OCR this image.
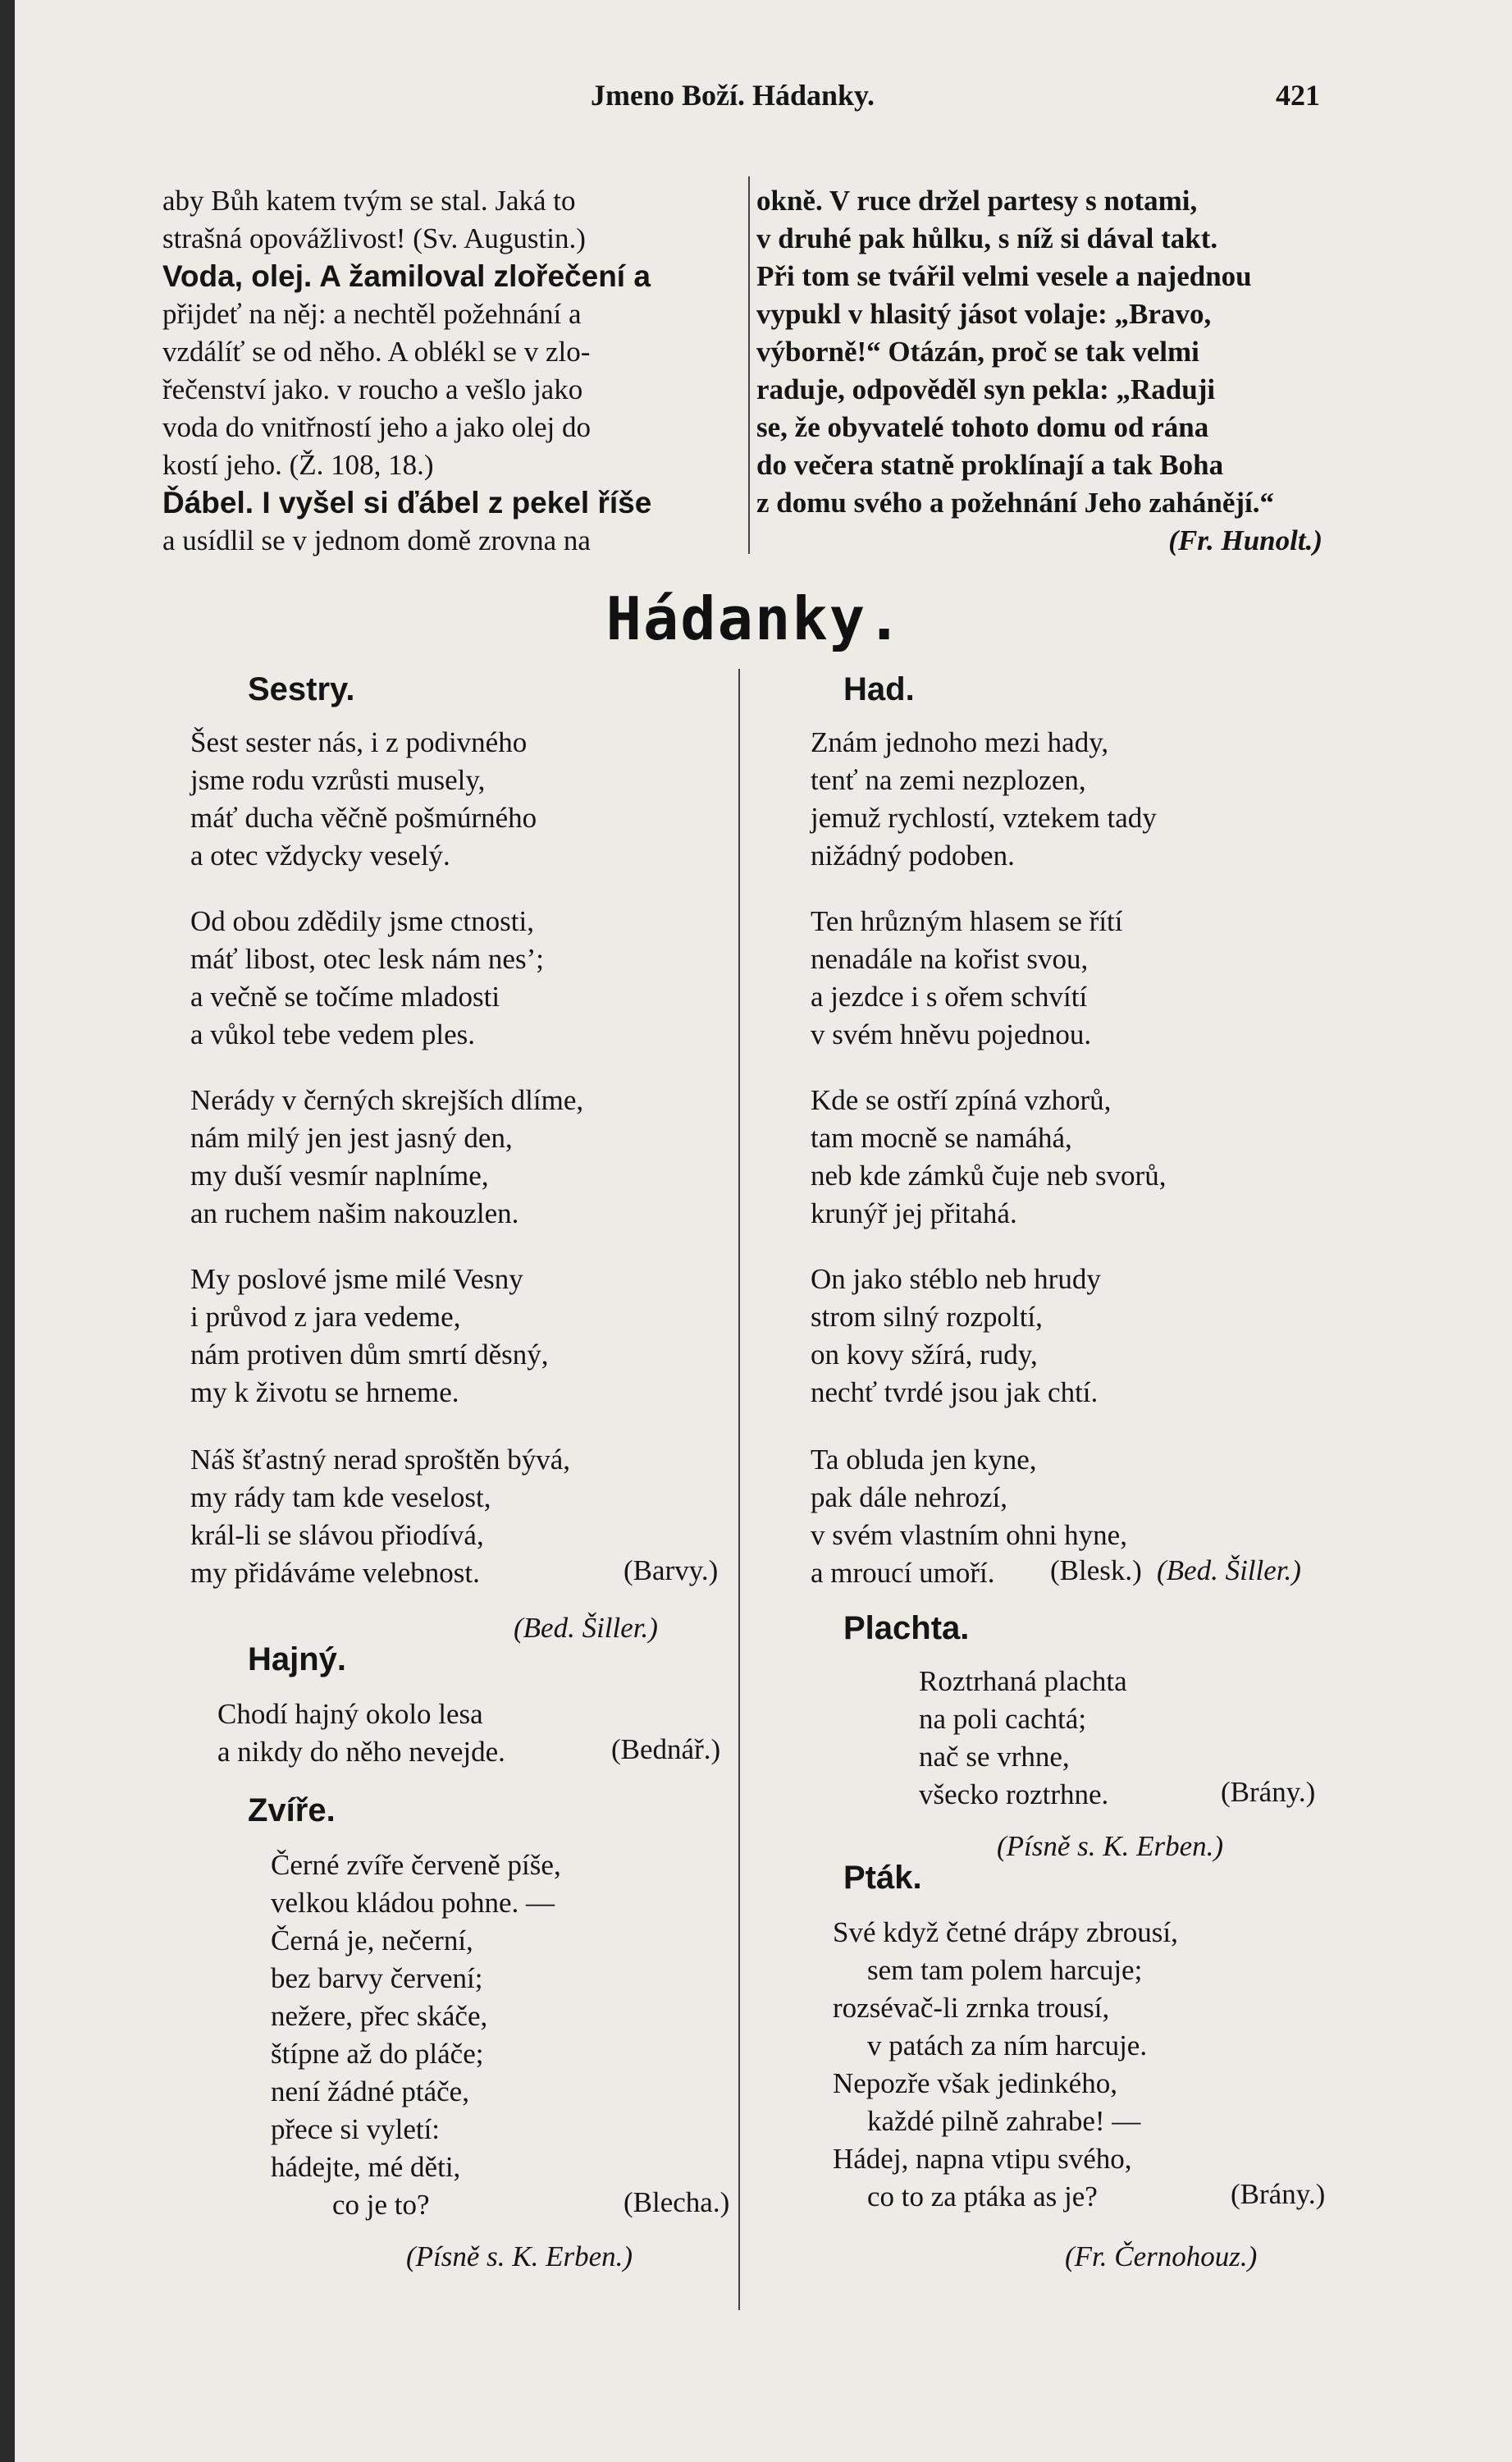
Jmeno Boží. Hádanky.	421

aby Bůh katem tvým se stal. Jaká to

strašná opovážlivost! (Sv. Augustin.)

Voda, olej. A žamiloval zlořečení a

přijdeť na něj: a nechtěl požehnání a

vzdálíť se od něho. A oblékl se v zlo-

řečenství jako. v roucho a vešlo jako

voda do vnitřností jeho a jako olej do

kostí jeho. (Ž. 108, 18.)

Ďábel. I vyšel si ďábel z pekel říše

a usídlil se v jednom domě zrovna na

okně. V ruce držel partesy s notami,

v druhé pak hůlku, s níž si dával takt.

Při tom se tvářil velmi vesele a najednou

vypukl v hlasitý jásot volaje: „Bravo,

výborně!“ Otázán, proč se tak velmi

raduje, odpověděl syn pekla: „Raduji

se, že obyvatelé tohoto domu od rána

do večera statně proklínají a tak Boha

z domu svého a požehnání Jeho zahánějí.“

(Fr. Hunolt.)

Hádanky.
Sestry.
Šest sester nás, i z podivného
jsme rodu vzrůsti musely,
máť ducha věčně pošmúrného
a otec vždycky veselý.
Od obou zdědily jsme ctnosti,
máť libost, otec lesk nám nes’;
a večně se točíme mladosti
a vůkol tebe vedem ples.
Nerády v černých skrejších dlíme,
nám milý jen jest jasný den,
my duší vesmír naplníme,
an ruchem našim nakouzlen.
My poslové jsme milé Vesny
i průvod z jara vedeme,
nám protiven dům smrtí děsný,
my k životu se hrneme.
Náš šťastný nerad sproštěn bývá,
my rády tam kde veselost,
král-li se slávou přiodívá,
my přidáváme velebnost.	(Barvy.)
(Bed. Šiller.)
Hajný.
Chodí hajný okolo lesa
a nikdy do něho nevejde.	(Bednář.)
Zvíře.
Černé zvíře červeně píše,
velkou kládou pohne. —
Černá je, nečerní,
bez barvy červení;
nežere, přec skáče,
štípne až do pláče;
není žádné ptáče,
přece si vyletí:
hádejte, mé děti,
co je to?	(Blecha.)
(Písně s. K. Erben.)
Had.
Znám jednoho mezi hady,
tenť na zemi nezplozen,
jemuž rychlostí, vztekem tady
nižádný podoben.
Ten hrůzným hlasem se řítí
nenadále na kořist svou,
a jezdce i s ořem schvítí
v svém hněvu pojednou.
Kde se ostří zpíná vzhorů,
tam mocně se namáhá,
neb kde zámků čuje neb svorů,
krunýř jej přitahá.
On jako stéblo neb hrudy
strom silný rozpoltí,
on kovy sžírá, rudy,
nechť tvrdé jsou jak chtí.
Ta obluda jen kyne,
pak dále nehrozí,
v svém vlastním ohni hyne,
a mroucí umoří.	(Blesk.) (Bed. Šiller.)
Plachta.
Roztrhaná plachta
na poli cachtá;
nač se vrhne,
všecko roztrhne.	(Brány.)
(Písně s. K. Erben.)
Pták.
Své když četné drápy zbrousí,
sem tam polem harcuje;
rozsévač-li zrnka trousí,
v patách za ním harcuje.
Nepozře však jedinkého,
každé pilně zahrabe! —
Hádej, napna vtipu svého,
co to za ptáka as je?	(Brány.)
(Fr. Černohouz.)
